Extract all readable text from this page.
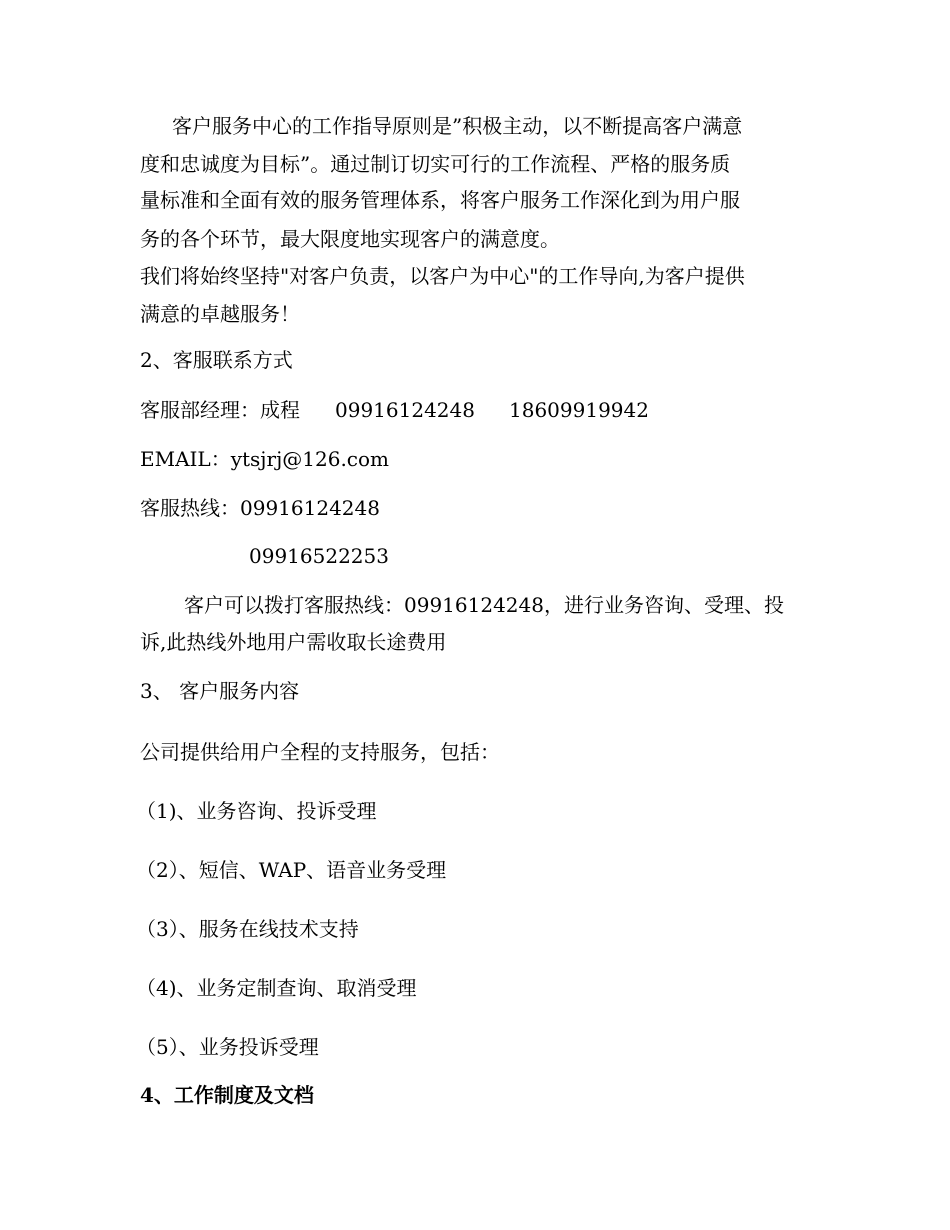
客户服务中心的工作指导原则是”积极主动，以不断提高客户满意
度和忠诚度为目标”。通过制订切实可行的工作流程、严格的服务质
量标准和全面有效的服务管理体系，将客户服务工作深化到为用户服
务的各个环节，最大限度地实现客户的满意度。
我们将始终坚持"对客户负责，以客户为中心"的工作导向,为客户提供
满意的卓越服务！
2、客服联系方式
客服部经理：成程 09916124248 18609919942
EMAIL：ytsjrj@126.com
客服热线：09916124248
09916522253
客户可以拨打客服热线：09916124248，进行业务咨询、受理、投
诉,此热线外地用户需收取长途费用
3、 客户服务内容
公司提供给用户全程的支持服务，包括：
（1)、业务咨询、投诉受理
（2）、短信、WAP、语音业务受理
（3）、服务在线技术支持
（4)、业务定制查询、取消受理
（5）、业务投诉受理
4、工作制度及文档
